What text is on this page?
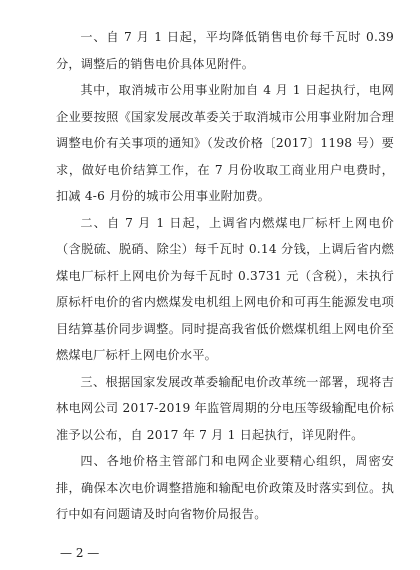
一、自 7 月 1 日起，平均降低销售电价每千瓦时 0.39 分，调整后的销售电价具体见附件。

其中，取消城市公用事业附加自 4 月 1 日起执行，电网企业要按照《国家发展改革委关于取消城市公用事业附加合理调整电价有关事项的通知》（发改价格〔2017〕1198 号）要求，做好电价结算工作，在 7 月份收取工商业用户电费时，扣减 4-6 月份的城市公用事业附加费。

二、自 7 月 1 日起，上调省内燃煤电厂标杆上网电价（含脱硫、脱硝、除尘）每千瓦时 0.14 分钱，上调后省内燃煤电厂标杆上网电价为每千瓦时 0.3731 元（含税），未执行原标杆电价的省内燃煤发电机组上网电价和可再生能源发电项目结算基价同步调整。同时提高我省低价燃煤机组上网电价至燃煤电厂标杆上网电价水平。

三、根据国家发展改革委输配电价改革统一部署，现将吉林电网公司 2017-2019 年监管周期的分电压等级输配电价标准予以公布，自 2017 年 7 月 1 日起执行，详见附件。

四、各地价格主管部门和电网企业要精心组织，周密安排，确保本次电价调整措施和输配电价政策及时落实到位。执行中如有问题请及时向省物价局报告。

— 2 —
